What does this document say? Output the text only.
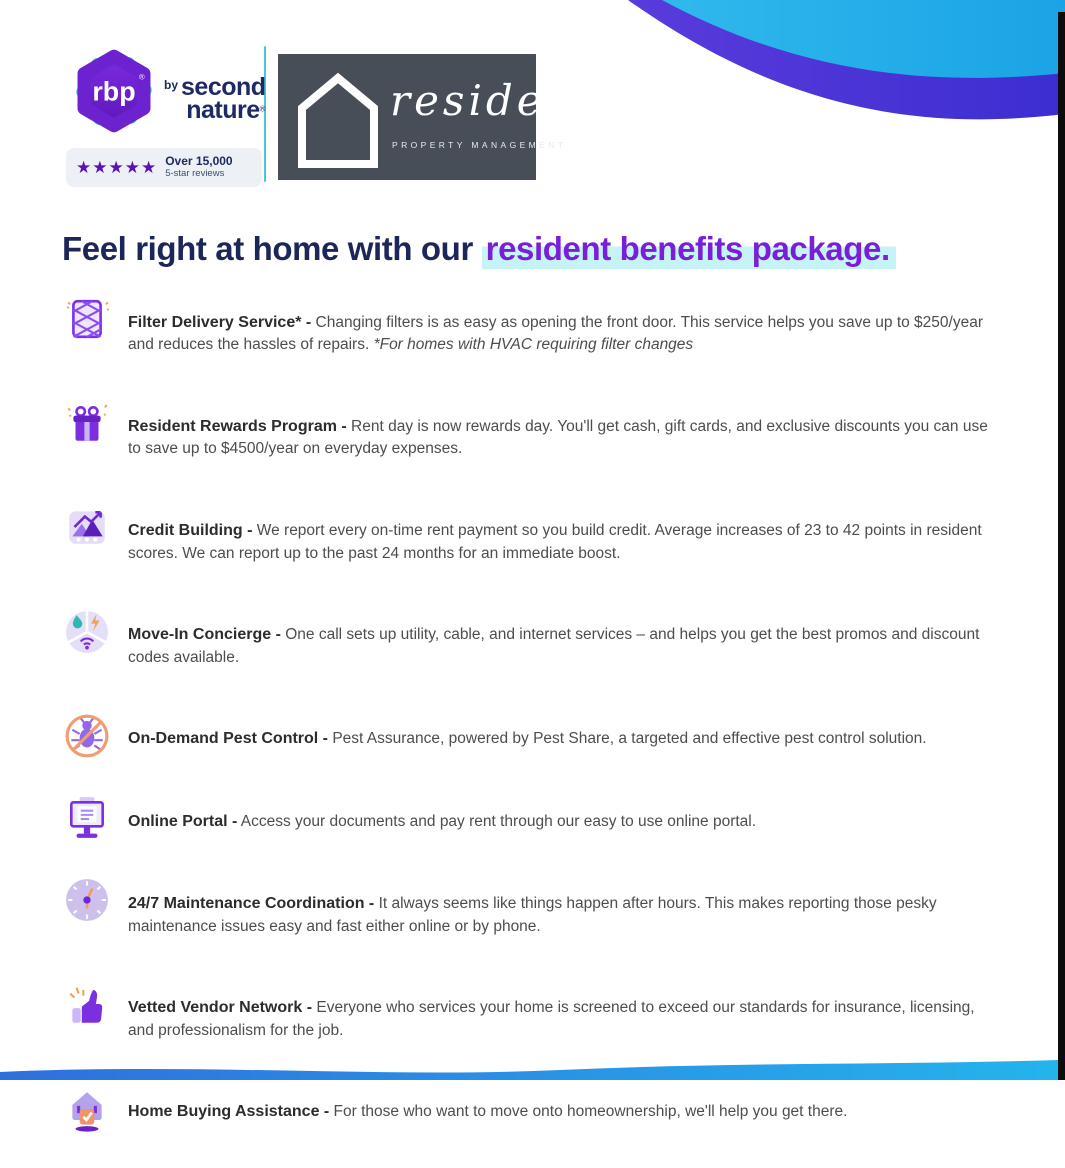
rbp ®
$^{by}$ second
nature®
★★★★★ Over 15,000
5-star reviews
reside
PROPERTY MANAGEMENT
Feel right at home with our resident benefits package.

Filter Delivery Service* - Changing filters is as easy as opening the front door. This service helps you save up to $250/year and reduces the hassles of repairs. *For homes with HVAC requiring filter changes

Resident Rewards Program - Rent day is now rewards day. You'll get cash, gift cards, and exclusive discounts you can use to save up to $4500/year on everyday expenses.

Credit Building - We report every on-time rent payment so you build credit. Average increases of 23 to 42 points in resident scores. We can report up to the past 24 months for an immediate boost.

Move-In Concierge - One call sets up utility, cable, and internet services – and helps you get the best promos and discount codes available.

On-Demand Pest Control - Pest Assurance, powered by Pest Share, a targeted and effective pest control solution.

Online Portal - Access your documents and pay rent through our easy to use online portal.

24/7 Maintenance Coordination - It always seems like things happen after hours. This makes reporting those pesky maintenance issues easy and fast either online or by phone.

Vetted Vendor Network - Everyone who services your home is screened to exceed our standards for insurance, licensing, and professionalism for the job.

Home Buying Assistance - For those who want to move onto homeownership, we'll help you get there.
